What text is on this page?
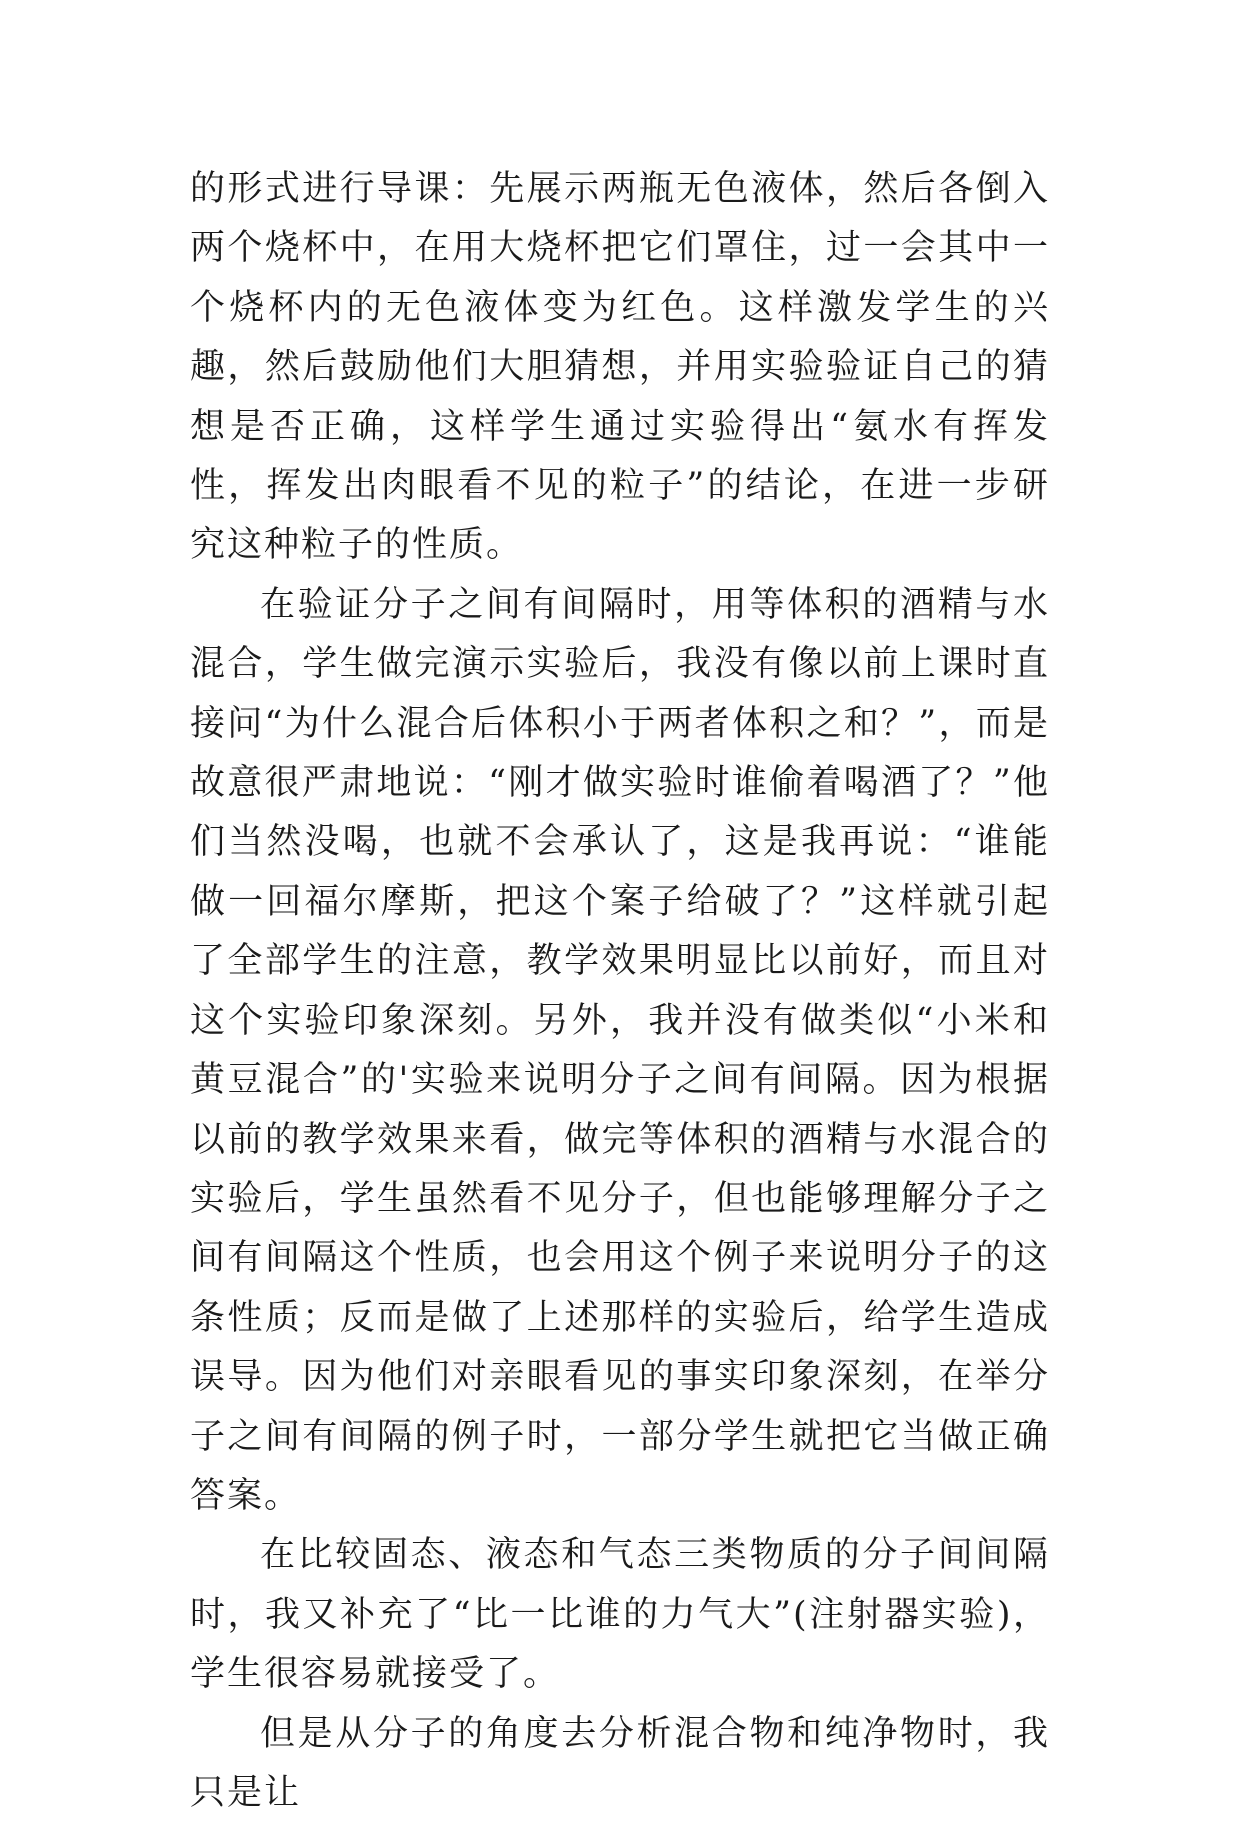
的形式进行导课：先展示两瓶无色液体，然后各倒入两个烧杯中，在用大烧杯把它们罩住，过一会其中一个烧杯内的无色液体变为红色。这样激发学生的兴趣，然后鼓励他们大胆猜想，并用实验验证自己的猜想是否正确，这样学生通过实验得出“氨水有挥发性，挥发出肉眼看不见的粒子”的结论，在进一步研究这种粒子的性质。

在验证分子之间有间隔时，用等体积的酒精与水混合，学生做完演示实验后，我没有像以前上课时直接问“为什么混合后体积小于两者体积之和？”，而是故意很严肃地说：“刚才做实验时谁偷着喝酒了？”他们当然没喝，也就不会承认了，这是我再说：“谁能做一回福尔摩斯，把这个案子给破了？”这样就引起了全部学生的注意，教学效果明显比以前好，而且对这个实验印象深刻。另外，我并没有做类似“小米和黄豆混合”的'实验来说明分子之间有间隔。因为根据以前的教学效果来看，做完等体积的酒精与水混合的实验后，学生虽然看不见分子，但也能够理解分子之间有间隔这个性质，也会用这个例子来说明分子的这条性质；反而是做了上述那样的实验后，给学生造成误导。因为他们对亲眼看见的事实印象深刻，在举分子之间有间隔的例子时，一部分学生就把它当做正确答案。

在比较固态、液态和气态三类物质的分子间间隔时，我又补充了“比一比谁的力气大”(注射器实验)，学生很容易就接受了。

但是从分子的角度去分析混合物和纯净物时，我只是让
